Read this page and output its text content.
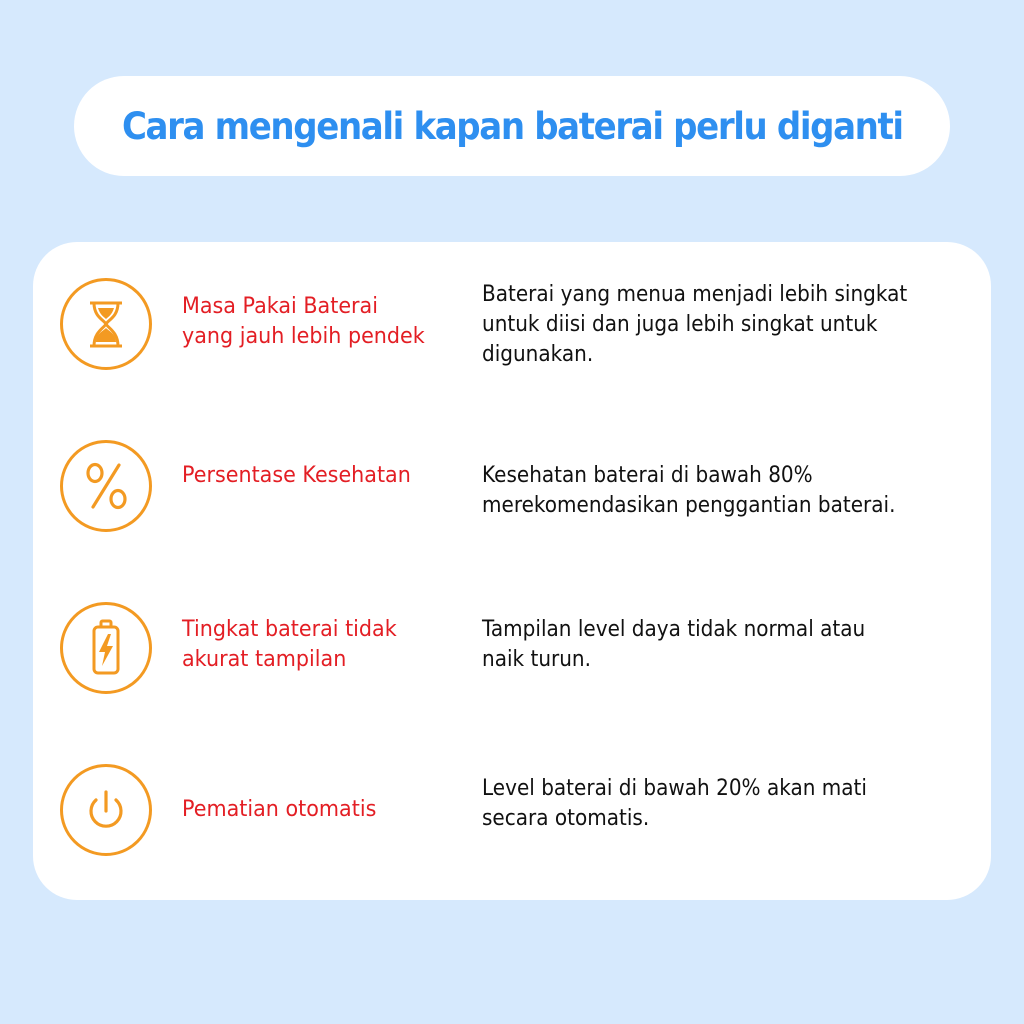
Cara mengenali kapan baterai perlu diganti
Masa Pakai Baterai
yang jauh lebih pendek
Baterai yang menua menjadi lebih singkat
untuk diisi dan juga lebih singkat untuk
digunakan.
Persentase Kesehatan	Kesehatan baterai di bawah 80%
merekomendasikan penggantian baterai.
Tingkat baterai tidak
akurat tampilan
Tampilan level daya tidak normal atau
naik turun.
Pematian otomatis
Level baterai di bawah 20% akan mati
secara otomatis.
